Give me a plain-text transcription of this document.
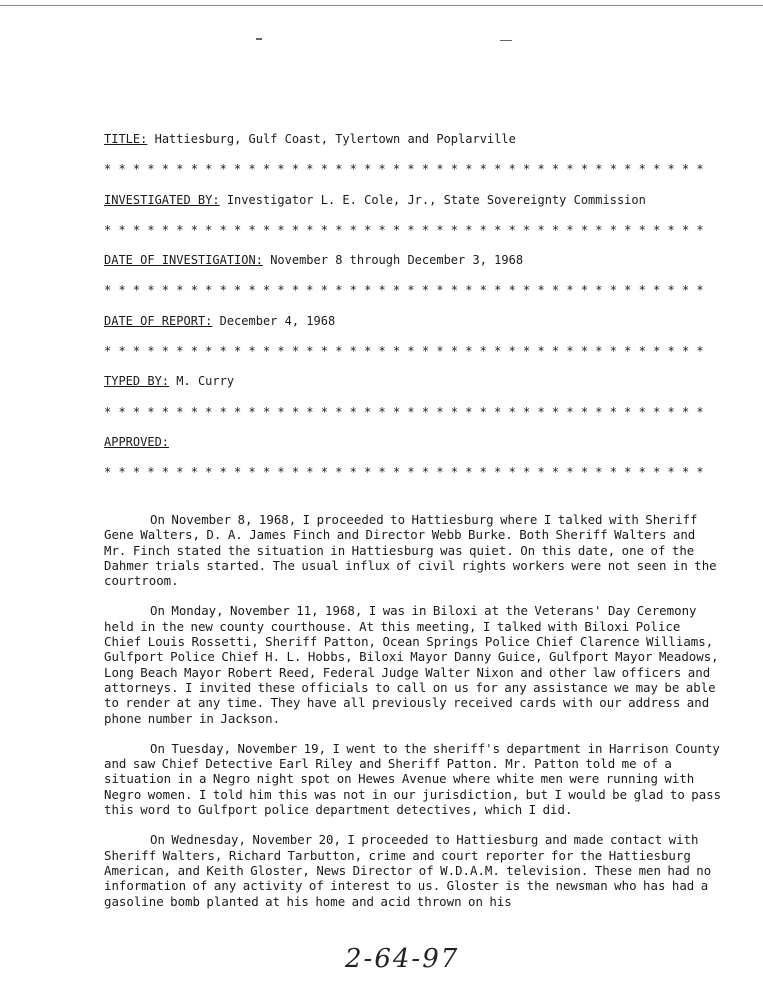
TITLE: Hattiesburg, Gulf Coast, Tylertown and Poplarville
* * * * * * * * * * * * * * * * * * * * * * * * * * * * * * * * * * * * * * * * * *
INVESTIGATED BY: Investigator L. E. Cole, Jr., State Sovereignty Commission
* * * * * * * * * * * * * * * * * * * * * * * * * * * * * * * * * * * * * * * * * *
DATE OF INVESTIGATION: November 8 through December 3, 1968
* * * * * * * * * * * * * * * * * * * * * * * * * * * * * * * * * * * * * * * * * *
DATE OF REPORT: December 4, 1968
* * * * * * * * * * * * * * * * * * * * * * * * * * * * * * * * * * * * * * * * * *
TYPED BY: M. Curry
* * * * * * * * * * * * * * * * * * * * * * * * * * * * * * * * * * * * * * * * * *
APPROVED:
* * * * * * * * * * * * * * * * * * * * * * * * * * * * * * * * * * * * * * * * * *

On November 8, 1968, I proceeded to Hattiesburg where I talked with Sheriff Gene Walters, D. A. James Finch and Director Webb Burke. Both Sheriff Walters and Mr. Finch stated the situation in Hattiesburg was quiet. On this date, one of the Dahmer trials started. The usual influx of civil rights workers were not seen in the courtroom.

On Monday, November 11, 1968, I was in Biloxi at the Veterans' Day Ceremony held in the new county courthouse. At this meeting, I talked with Biloxi Police Chief Louis Rossetti, Sheriff Patton, Ocean Springs Police Chief Clarence Williams, Gulfport Police Chief H. L. Hobbs, Biloxi Mayor Danny Guice, Gulfport Mayor Meadows, Long Beach Mayor Robert Reed, Federal Judge Walter Nixon and other law officers and attorneys. I invited these officials to call on us for any assistance we may be able to render at any time. They have all previously received cards with our address and phone number in Jackson.

On Tuesday, November 19, I went to the sheriff's department in Harrison County and saw Chief Detective Earl Riley and Sheriff Patton. Mr. Patton told me of a situation in a Negro night spot on Hewes Avenue where white men were running with Negro women. I told him this was not in our jurisdiction, but I would be glad to pass this word to Gulfport police department detectives, which I did.

On Wednesday, November 20, I proceeded to Hattiesburg and made contact with Sheriff Walters, Richard Tarbutton, crime and court reporter for the Hattiesburg American, and Keith Gloster, News Director of W.D.A.M. television. These men had no information of any activity of interest to us. Gloster is the newsman who has had a gasoline bomb planted at his home and acid thrown on his

2-64-97
